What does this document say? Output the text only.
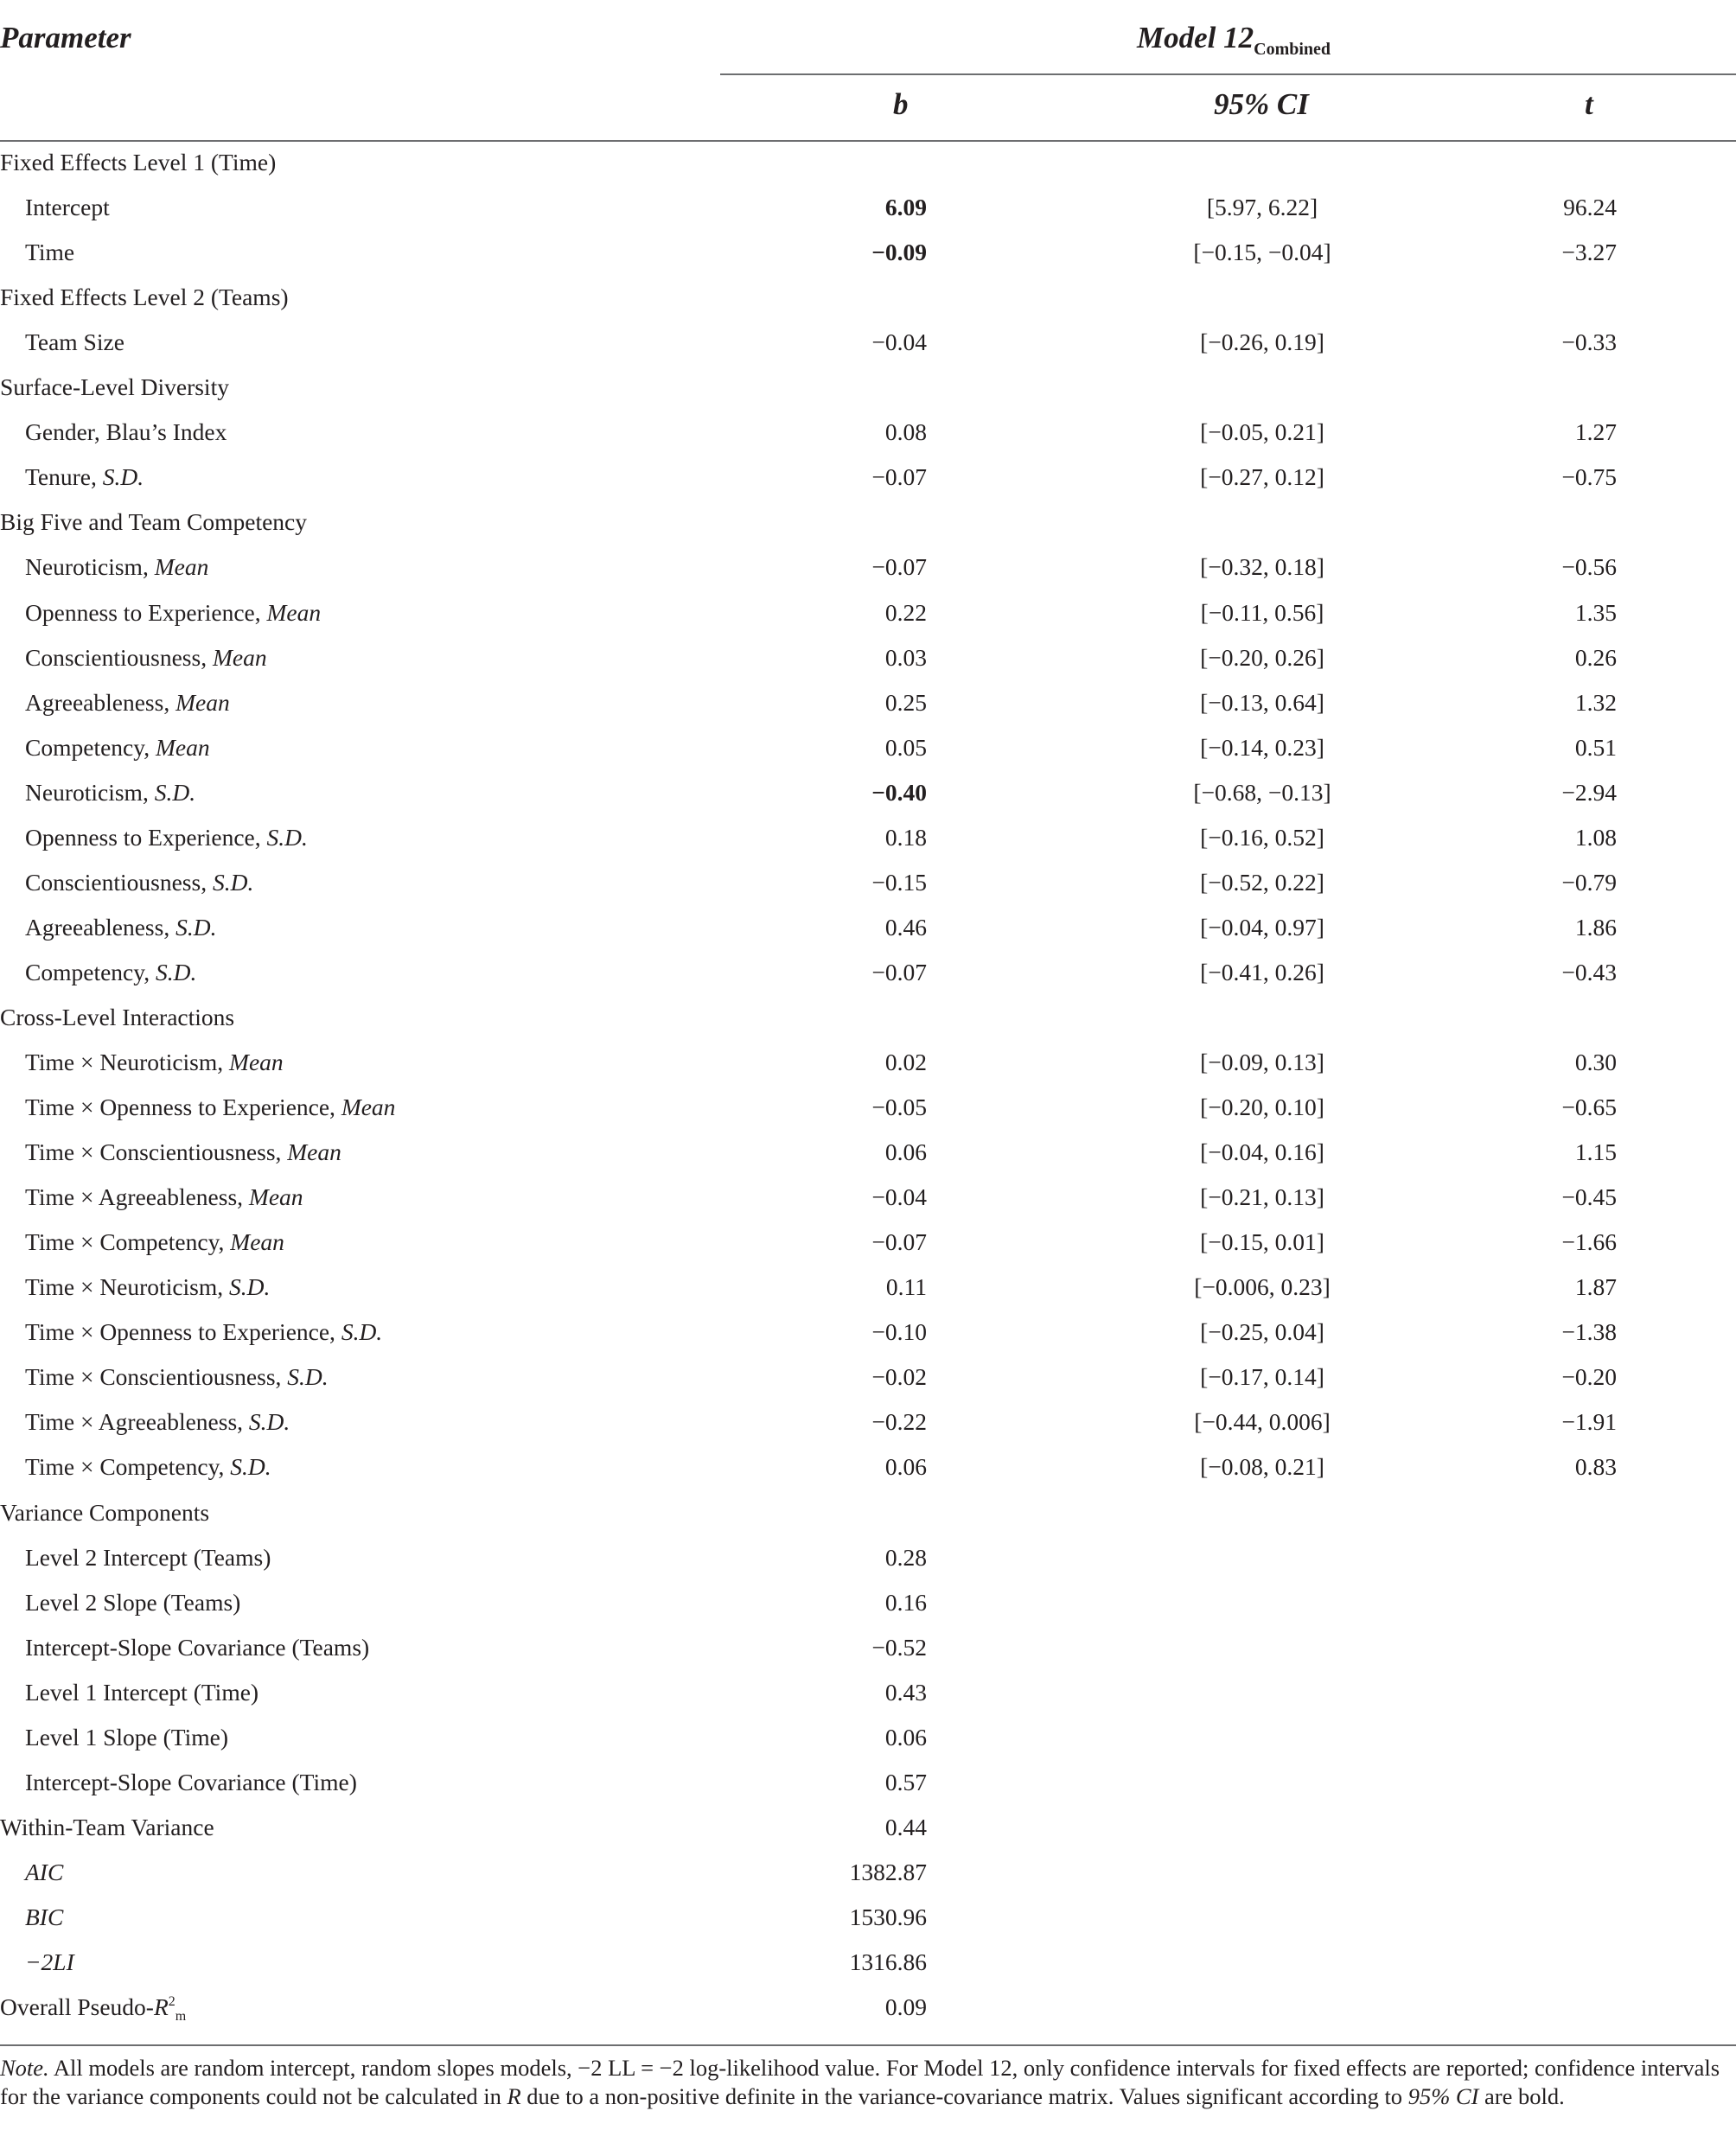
Parameter	Model $12_{Combined}$
b	95% CI	t
Fixed Effects Level 1 (Time)
Intercept	6.09	[5.97, 6.22]	96.24
Time	−0.09	[−0.15, −0.04]	−3.27
Fixed Effects Level 2 (Teams)
Team Size	−0.04	[−0.26, 0.19]	−0.33
Surface-Level Diversity
Gender, Blau’s Index	0.08	[−0.05, 0.21]	1.27
Tenure, S.D.	−0.07	[−0.27, 0.12]	−0.75
Big Five and Team Competency
Neuroticism, Mean	−0.07	[−0.32, 0.18]	−0.56
Openness to Experience, Mean	0.22	[−0.11, 0.56]	1.35
Conscientiousness, Mean	0.03	[−0.20, 0.26]	0.26
Agreeableness, Mean	0.25	[−0.13, 0.64]	1.32
Competency, Mean	0.05	[−0.14, 0.23]	0.51
Neuroticism, S.D.	−0.40	[−0.68, −0.13]	−2.94
Openness to Experience, S.D.	0.18	[−0.16, 0.52]	1.08
Conscientiousness, S.D.	−0.15	[−0.52, 0.22]	−0.79
Agreeableness, S.D.	0.46	[−0.04, 0.97]	1.86
Competency, S.D.	−0.07	[−0.41, 0.26]	−0.43
Cross-Level Interactions
Time × Neuroticism, Mean	0.02	[−0.09, 0.13]	0.30
Time × Openness to Experience, Mean	−0.05	[−0.20, 0.10]	−0.65
Time × Conscientiousness, Mean	0.06	[−0.04, 0.16]	1.15
Time × Agreeableness, Mean	−0.04	[−0.21, 0.13]	−0.45
Time × Competency, Mean	−0.07	[−0.15, 0.01]	−1.66
Time × Neuroticism, S.D.	0.11	[−0.006, 0.23]	1.87
Time × Openness to Experience, S.D.	−0.10	[−0.25, 0.04]	−1.38
Time × Conscientiousness, S.D.	−0.02	[−0.17, 0.14]	−0.20
Time × Agreeableness, S.D.	−0.22	[−0.44, 0.006]	−1.91
Time × Competency, S.D.	0.06	[−0.08, 0.21]	0.83
Variance Components
Level 2 Intercept (Teams)	0.28
Level 2 Slope (Teams)	0.16
Intercept-Slope Covariance (Teams)	−0.52
Level 1 Intercept (Time)	0.43
Level 1 Slope (Time)	0.06
Intercept-Slope Covariance (Time)	0.57
Within-Team Variance	0.44
AIC	1382.87
BIC	1530.96
−2LI	1316.86
Overall Pseudo-$R^2_m$	0.09
Note. All models are random intercept, random slopes models, −2 LL = −2 log-likelihood value. For Model 12, only confidence intervals for fixed effects are reported; confidence intervals for the variance components could not be calculated in R due to a non-positive definite in the variance-covariance matrix. Values significant according to 95% CI are bold.
